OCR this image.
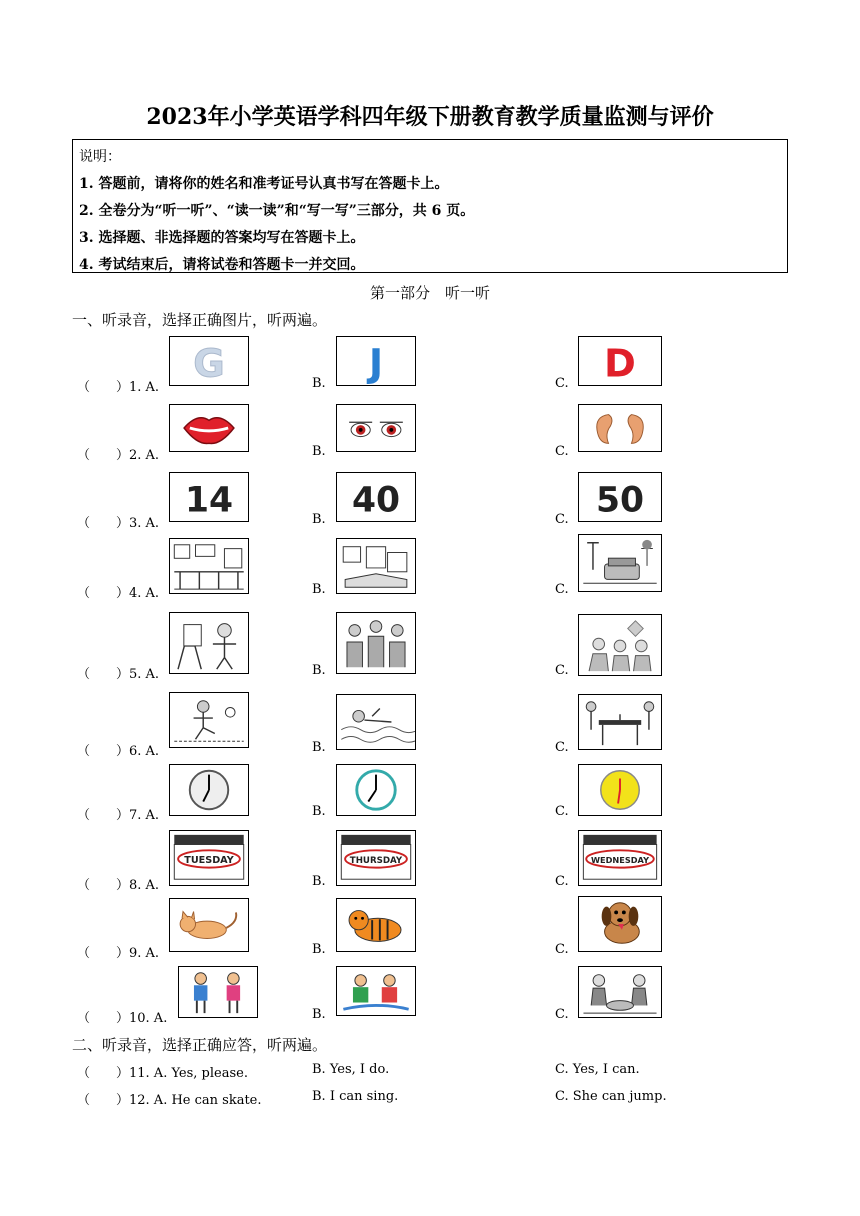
2023年小学英语学科四年级下册教育教学质量监测与评价
说明：
1. 答题前，请将你的姓名和准考证号认真书写在答题卡上。
2. 全卷分为“听一听”、“读一读”和“写一写”三部分，共 6 页。
3. 选择题、非选择题的答案均写在答题卡上。
4. 考试结束后，请将试卷和答题卡一并交回。
第一部分　听一听
一、听录音，选择正确图片，听两遍。
（　　）1. A.	B.	C.
G	J	D
（　　）2. A.	B.	C.
（　　）3. A.	B.	C.
14	40	50
（　　）4. A.	B.	C.
（　　）5. A.	B.	C.
（　　）6. A.	B.	C.
（　　）7. A.	B.	C.
（　　）8. A.	B.	C.
TUESDAY	THURSDAY	WEDNESDAY
（　　）9. A.	B.	C.
（　　）10. A.	B.	C.
二、听录音，选择正确应答，听两遍。
（　　）11. A. Yes, please.	B. Yes, I do.	C. Yes, I can.
（　　）12. A. He can skate.	B. I can sing.	C. She can jump.
